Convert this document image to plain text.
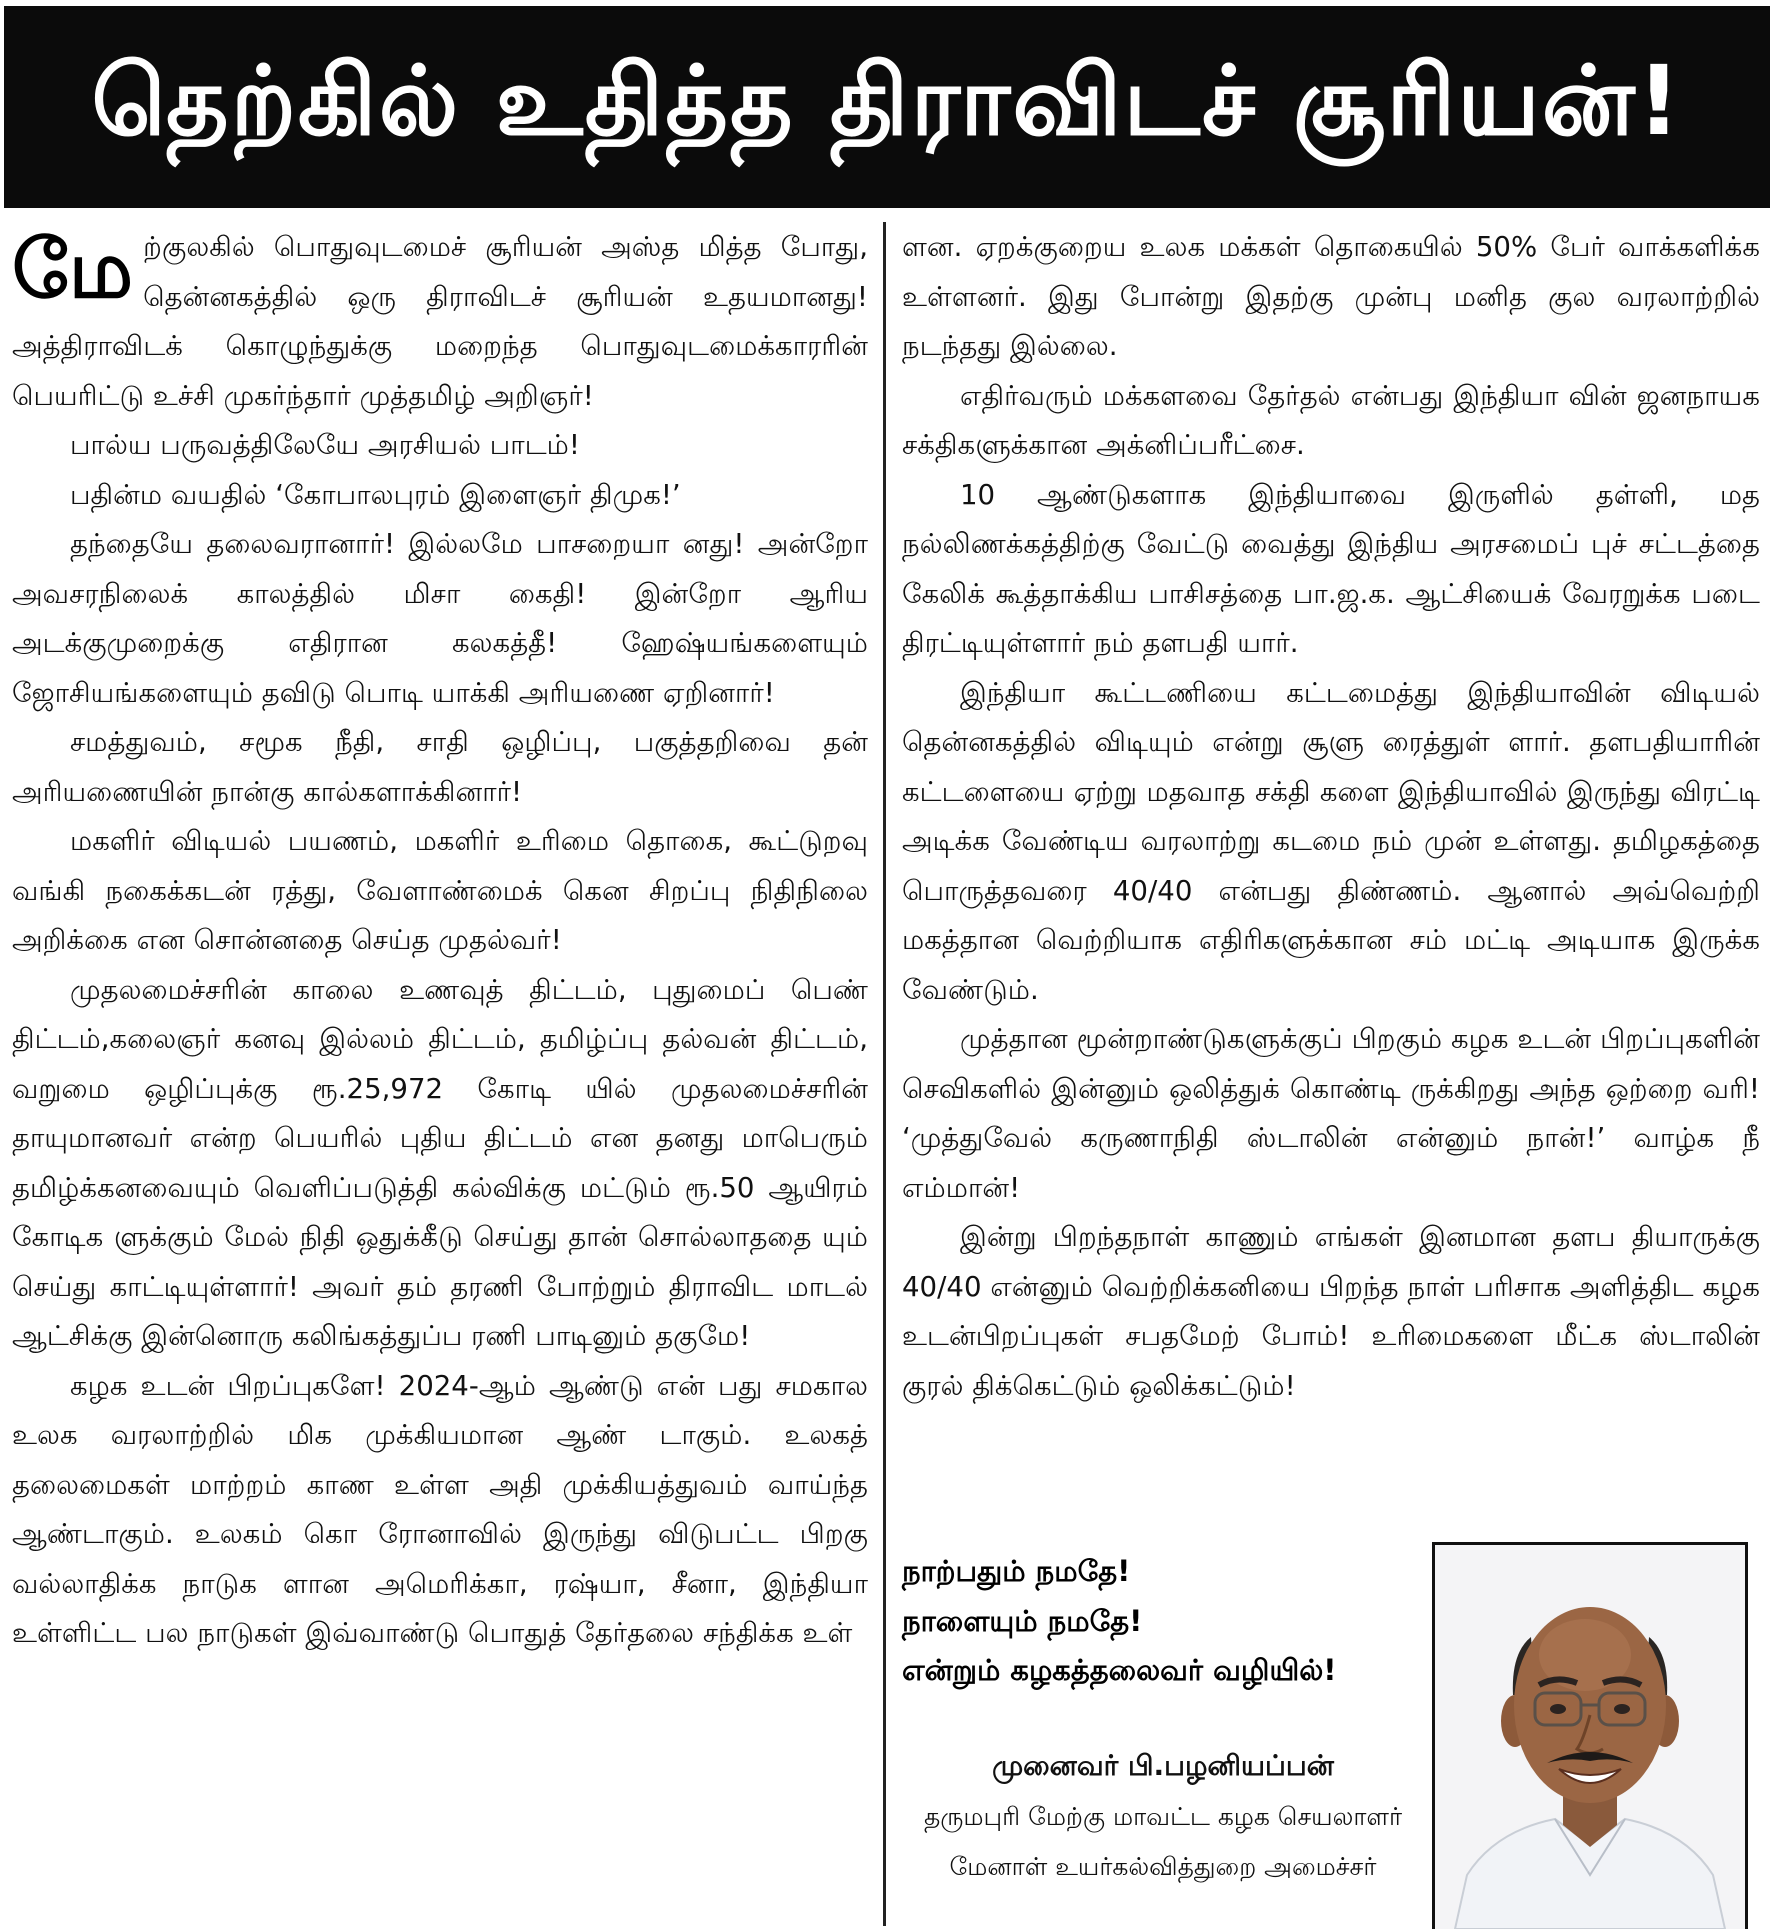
தெற்கில் உதித்த திராவிடச் சூரியன்!

மேற்குலகில் பொதுவுடமைச் சூரியன் அஸ்த மித்த போது, தென்னகத்தில் ஒரு திராவிடச் சூரியன் உதயமானது! அத்திராவிடக் கொழுந்துக்கு மறைந்த பொதுவுடமைக்காரரின் பெயரிட்டு உச்சி முகர்ந்தார் முத்தமிழ் அறிஞர்!

பால்ய பருவத்திலேயே அரசியல் பாடம்!

பதின்ம வயதில் ‘கோபாலபுரம் இளைஞர் திமுக!’

தந்தையே தலைவரானார்! இல்லமே பாசறையா னது! அன்றோ அவசரநிலைக் காலத்தில் மிசா கைதி! இன்றோ ஆரிய அடக்குமுறைக்கு எதிரான கலகத்தீ! ஹேஷ்யங்களையும் ஜோசியங்களையும் தவிடு பொடி யாக்கி அரியணை ஏறினார்!

சமத்துவம், சமூக நீதி, சாதி ஒழிப்பு, பகுத்தறிவை தன் அரியணையின் நான்கு கால்களாக்கினார்!

மகளிர் விடியல் பயணம், மகளிர் உரிமை தொகை, கூட்டுறவு வங்கி நகைக்கடன் ரத்து, வேளாண்மைக் கென சிறப்பு நிதிநிலை அறிக்கை என சொன்னதை செய்த முதல்வர்!

முதலமைச்சரின் காலை உணவுத் திட்டம், புதுமைப் பெண் திட்டம்,கலைஞர் கனவு இல்லம் திட்டம், தமிழ்ப்பு தல்வன் திட்டம், வறுமை ஒழிப்புக்கு ரூ.25,972 கோடி யில் முதலமைச்சரின் தாயுமானவர் என்ற பெயரில் புதிய திட்டம் என தனது மாபெரும் தமிழ்க்கனவையும் வெளிப்படுத்தி கல்விக்கு மட்டும் ரூ.50 ஆயிரம் கோடிக ளுக்கும் மேல் நிதி ஒதுக்கீடு செய்து தான் சொல்லாததை யும் செய்து காட்டியுள்ளார்! அவர் தம் தரணி போற்றும் திராவிட மாடல் ஆட்சிக்கு இன்னொரு கலிங்கத்துப்ப ரணி பாடினும் தகுமே!

கழக உடன் பிறப்புகளே! 2024-ஆம் ஆண்டு என் பது சமகால உலக வரலாற்றில் மிக முக்கியமான ஆண் டாகும். உலகத் தலைமைகள் மாற்றம் காண உள்ள அதி முக்கியத்துவம் வாய்ந்த ஆண்டாகும். உலகம் கொ ரோனாவில் இருந்து விடுபட்ட பிறகு வல்லாதிக்க நாடுக ளான அமெரிக்கா, ரஷ்யா, சீனா, இந்தியா உள்ளிட்ட பல நாடுகள் இவ்வாண்டு பொதுத் தேர்தலை சந்திக்க உள்

ளன. ஏறக்குறைய உலக மக்கள் தொகையில் 50% பேர் வாக்களிக்க உள்ளனர். இது போன்று இதற்கு முன்பு மனித குல வரலாற்றில் நடந்தது இல்லை.

எதிர்வரும் மக்களவை தேர்தல் என்பது இந்தியா வின் ஜனநாயக சக்திகளுக்கான அக்னிப்பரீட்சை.

10 ஆண்டுகளாக இந்தியாவை இருளில் தள்ளி, மத நல்லிணக்கத்திற்கு வேட்டு வைத்து இந்திய அரசமைப் புச் சட்டத்தை கேலிக் கூத்தாக்கிய பாசிசத்தை பா.ஜ.க. ஆட்சியைக் வேரறுக்க படை திரட்டியுள்ளார் நம் தளபதி யார்.

இந்தியா கூட்டணியை கட்டமைத்து இந்தியாவின் விடியல் தென்னகத்தில் விடியும் என்று சூளு ரைத்துள் ளார். தளபதியாரின் கட்டளையை ஏற்று மதவாத சக்தி களை இந்தியாவில் இருந்து விரட்டி அடிக்க வேண்டிய வரலாற்று கடமை நம் முன் உள்ளது. தமிழகத்தை பொருத்தவரை 40/40 என்பது திண்ணம். ஆனால் அவ்வெற்றி மகத்தான வெற்றியாக எதிரிகளுக்கான சம் மட்டி அடியாக இருக்க வேண்டும்.

முத்தான மூன்றாண்டுகளுக்குப் பிறகும் கழக உடன் பிறப்புகளின் செவிகளில் இன்னும் ஒலித்துக் கொண்டி ருக்கிறது அந்த ஒற்றை வரி! ‘முத்துவேல் கருணாநிதி ஸ்டாலின் என்னும் நான்!’ வாழ்க நீ எம்மான்!

இன்று பிறந்தநாள் காணும் எங்கள் இனமான தளப தியாருக்கு 40/40 என்னும் வெற்றிக்கனியை பிறந்த நாள் பரிசாக அளித்திட கழக உடன்பிறப்புகள் சபதமேற் போம்! உரிமைகளை மீட்க ஸ்டாலின் குரல் திக்கெட்டும் ஒலிக்கட்டும்!

நாற்பதும் நமதே!
நாளையும் நமதே!
என்றும் கழகத்தலைவர் வழியில்!
முனைவர் பி.பழனியப்பன்
தருமபுரி மேற்கு மாவட்ட கழக செயலாளர்
மேனாள் உயர்கல்வித்துறை அமைச்சர்
